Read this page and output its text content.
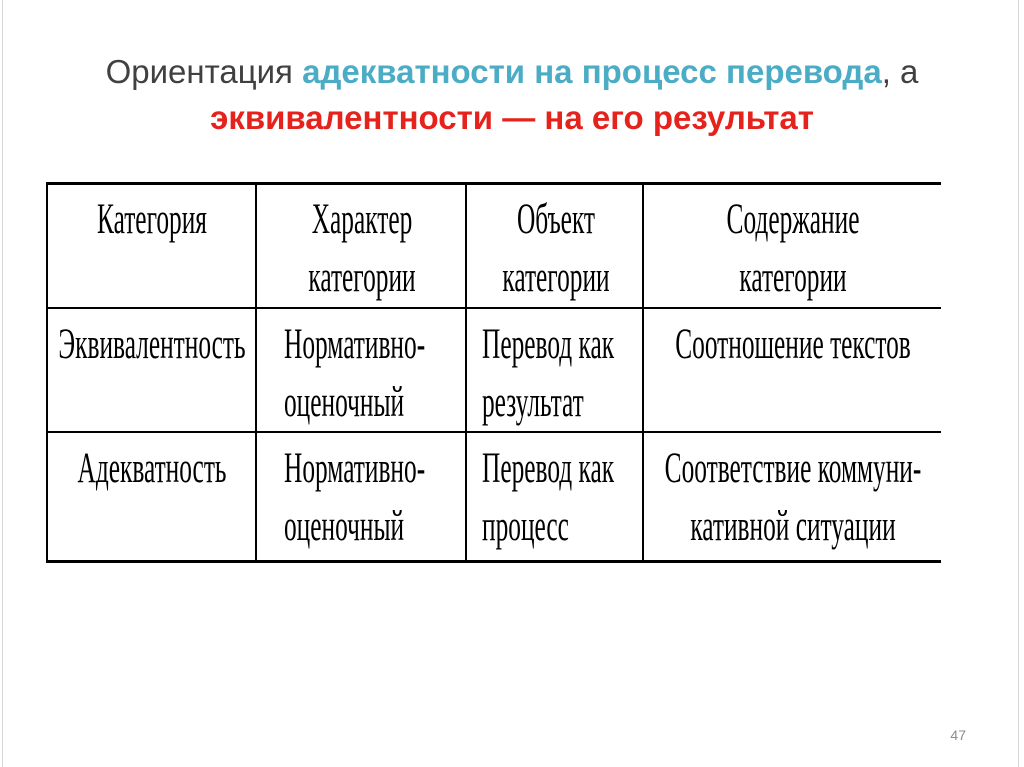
Ориентация адекватности на процесс перевода, а
эквивалентности — на его результат
Категория Характер
категории
Объект
категории
Содержание
категории
Эквивалентность Нормативно-
оценочный
Перевод как
результат
Соотношение текстов
Адекватность Нормативно-
оценочный
Перевод как
процесс
Соответствие коммуни-
кативной ситуации
47
